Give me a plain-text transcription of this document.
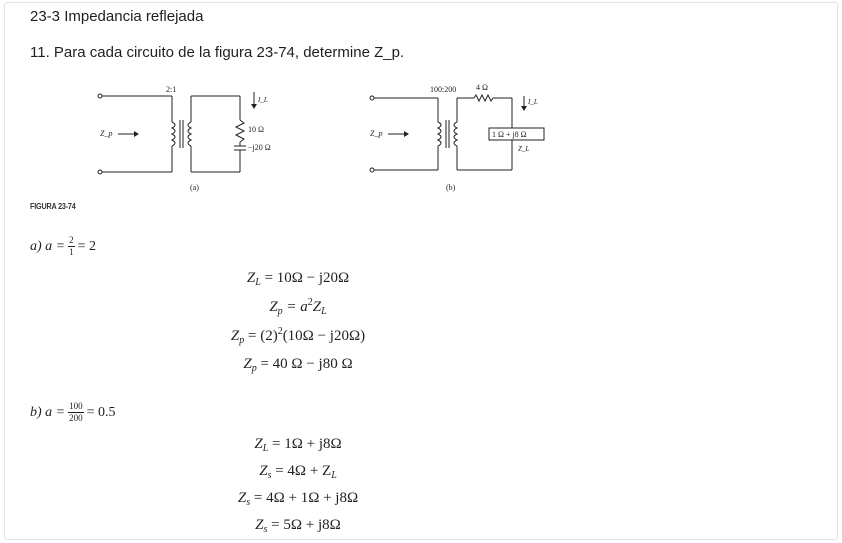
23-3 Impedancia reflejada
11. Para cada circuito de la figura 23-74, determine Z_p.
2:1
Z_p
I_L
10 Ω
−j20 Ω
(a)
100:200 4 Ω
Z_p
I_L
1 Ω + j8 Ω
Z_L
(b)
FIGURA 23-74
a) $a = \frac{2}{1} = 2$
$Z_L = 10\Omega - j20\Omega$
$Z_p = a^2Z_L$
$Z_p = (2)^2(10\Omega - j20\Omega)$
$Z_p = 40$ Ω − j80 Ω
b) $a = \frac{100}{200} = 0.5$
$Z_L = 1\Omega + j8\Omega$
$Z_s = 4\Omega + Z_L$
$Z_s = 4\Omega + 1\Omega + j8\Omega$
$Z_s = 5\Omega + j8\Omega$
